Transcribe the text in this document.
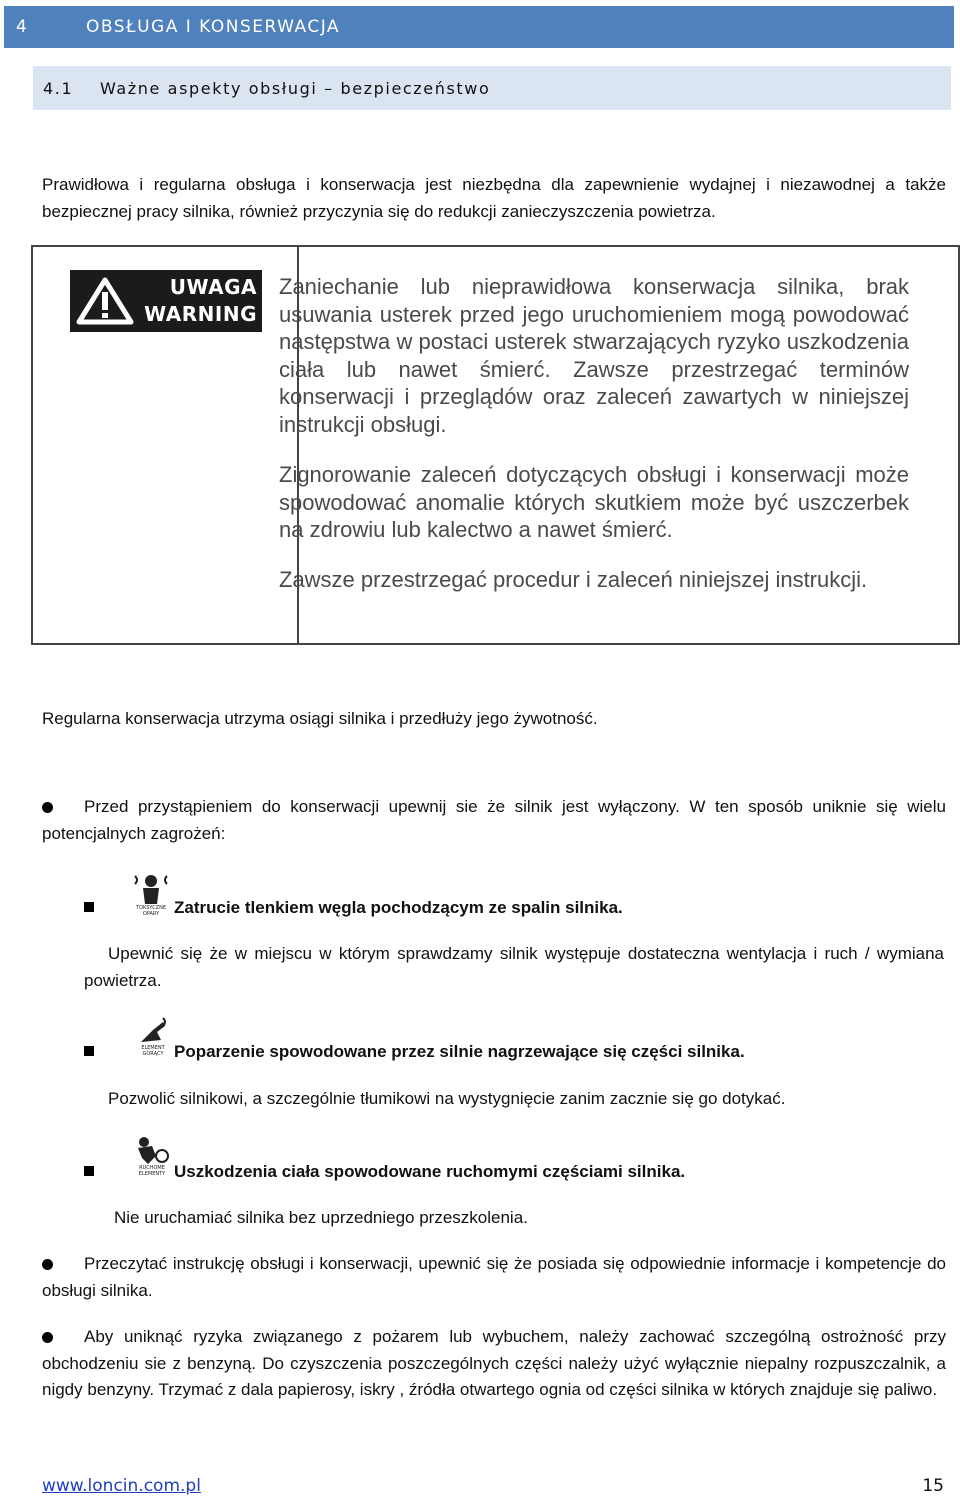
4	OBSŁUGA I KONSERWACJA
4.1	Ważne aspekty obsługi – bezpieczeństwo
Prawidłowa i regularna obsługa i konserwacja jest niezbędna dla zapewnienie wydajnej i niezawodnej a także bezpiecznej pracy silnika, również przyczynia się do redukcji zanieczyszczenia powietrza.
UWAGA
WARNING
Zaniechanie lub nieprawidłowa konserwacja silnika, brak usuwania usterek przed jego uruchomieniem mogą powodować następstwa w postaci usterek stwarzających ryzyko uszkodzenia ciała lub nawet śmierć. Zawsze przestrzegać terminów konserwacji i przeglądów oraz zaleceń zawartych w niniejszej instrukcji obsługi.
Zignorowanie zaleceń dotyczących obsługi i konserwacji może spowodować anomalie których skutkiem może być uszczerbek na zdrowiu lub kalectwo a nawet śmierć.
Zawsze przestrzegać procedur i zaleceń niniejszej instrukcji.
Regularna konserwacja utrzyma osiągi silnika i przedłuży jego żywotność.
Przed przystąpieniem do konserwacji upewnij sie że silnik jest wyłączony. W ten sposób uniknie się wielu potencjalnych zagrożeń:
TOKSYCZNE OPARY Zatrucie tlenkiem węgla pochodzącym ze spalin silnika.
Upewnić się że w miejscu w którym sprawdzamy silnik występuje dostateczna wentylacja i ruch / wymiana powietrza.
ELEMENT GORĄCY Poparzenie spowodowane przez silnie nagrzewające się części silnika.
Pozwolić silnikowi, a szczególnie tłumikowi na wystygnięcie zanim zacznie się go dotykać.
RUCHOME ELEMENTY Uszkodzenia ciała spowodowane ruchomymi częściami silnika.
Nie uruchamiać silnika bez uprzedniego przeszkolenia.
Przeczytać instrukcję obsługi i konserwacji, upewnić się że posiada się odpowiednie informacje i kompetencje do obsługi silnika.
Aby uniknąć ryzyka związanego z pożarem lub wybuchem, należy zachować szczególną ostrożność przy obchodzeniu sie z benzyną. Do czyszczenia poszczególnych części należy użyć wyłącznie niepalny rozpuszczalnik, a nigdy benzyny. Trzymać z dala papierosy, iskry , źródła otwartego ognia od części silnika w których znajduje się paliwo.
www.loncin.com.pl	15
